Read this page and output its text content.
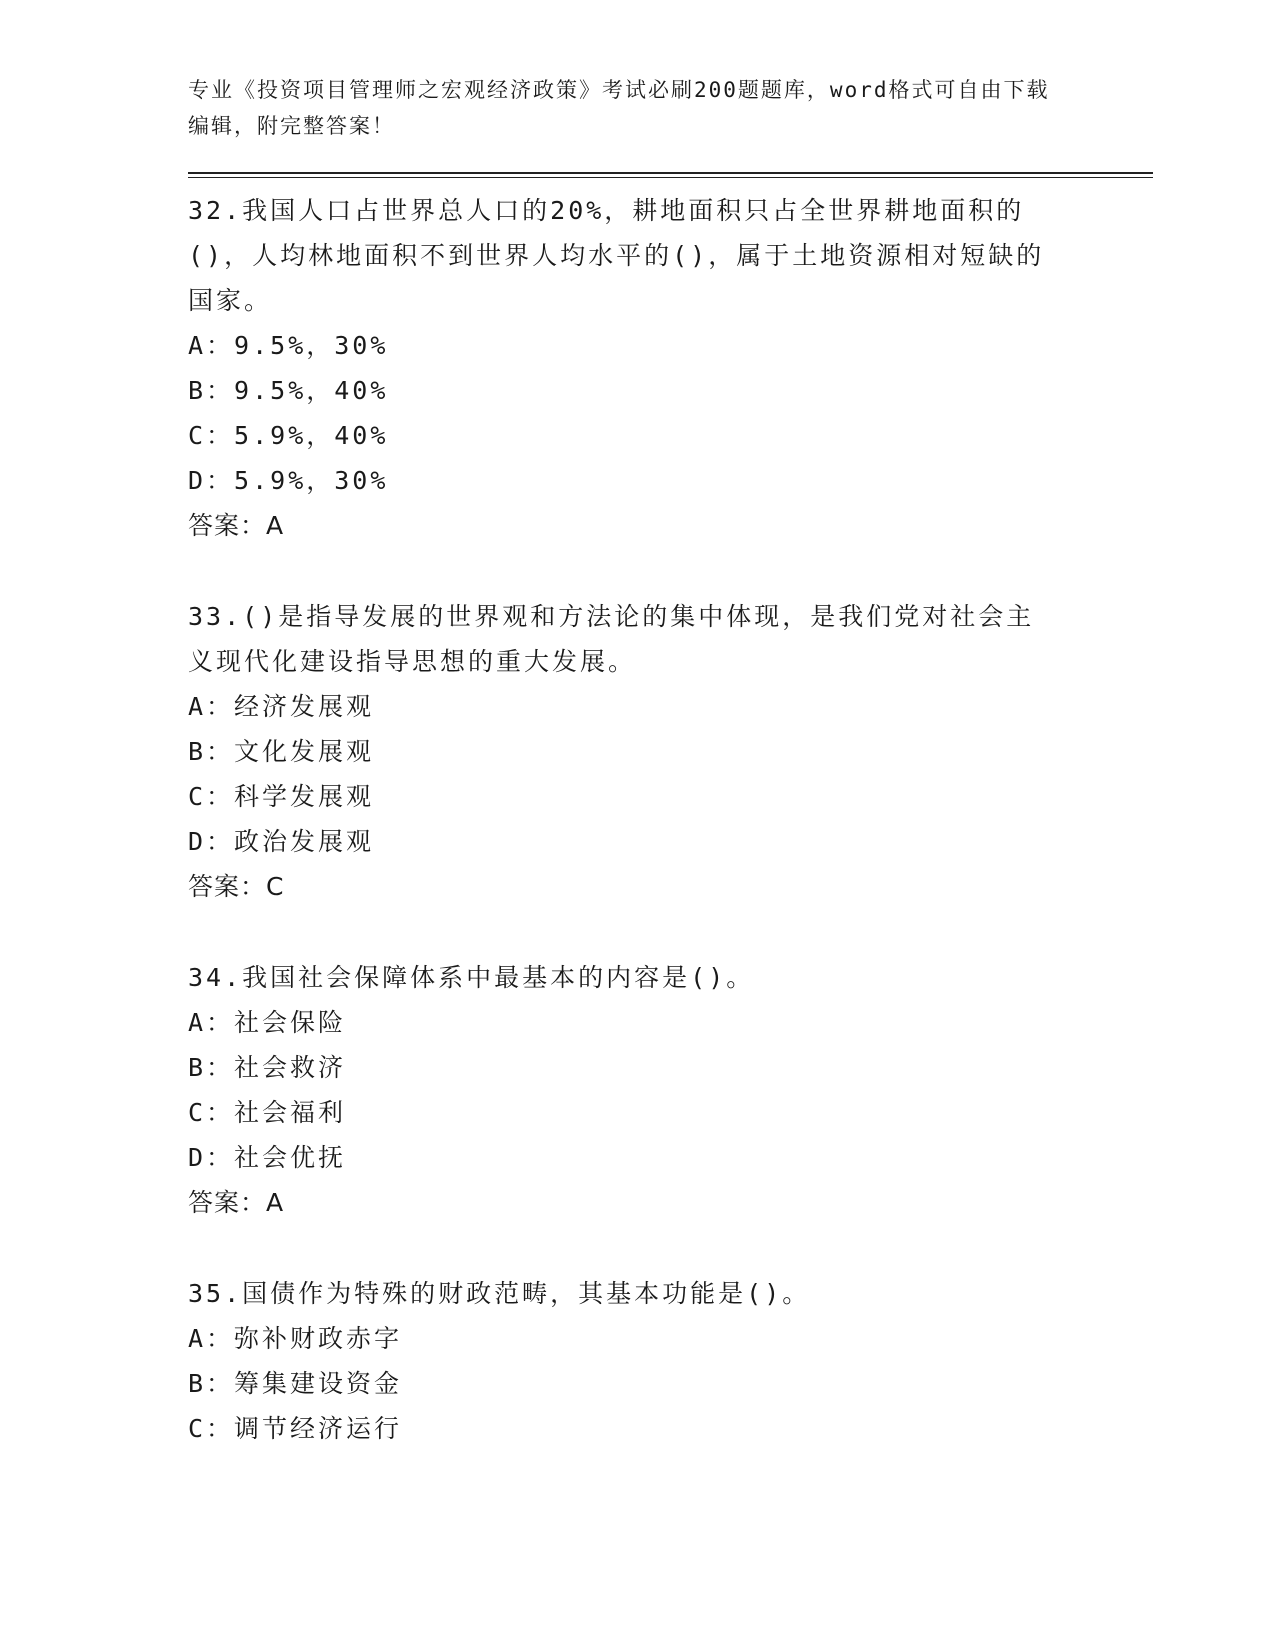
专业《投资项目管理师之宏观经济政策》考试必刷200题题库，word格式可自由下载编辑，附完整答案！

32.我国人口占世界总人口的20%，耕地面积只占全世界耕地面积的()，人均林地面积不到世界人均水平的()，属于土地资源相对短缺的国家。

A：9.5%，30%

B：9.5%，40%

C：5.9%，40%

D：5.9%，30%

答案：A

33.()是指导发展的世界观和方法论的集中体现，是我们党对社会主义现代化建设指导思想的重大发展。

A：经济发展观

B：文化发展观

C：科学发展观

D：政治发展观

答案：C

34.我国社会保障体系中最基本的内容是()。

A：社会保险

B：社会救济

C：社会福利

D：社会优抚

答案：A

35.国债作为特殊的财政范畴，其基本功能是()。

A：弥补财政赤字

B：筹集建设资金

C：调节经济运行
